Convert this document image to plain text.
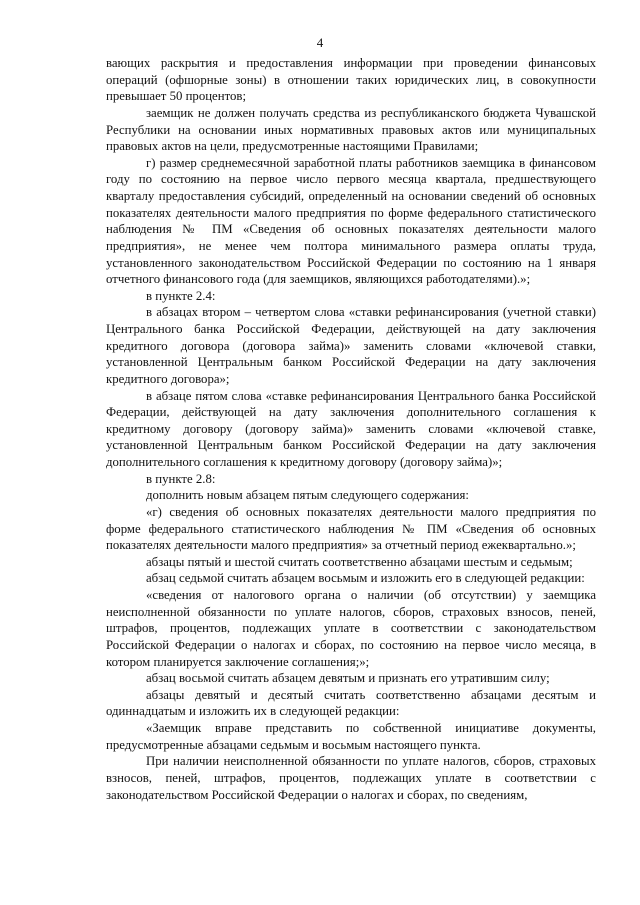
4

вающих раскрытия и предоставления информации при проведении финансовых операций (офшорные зоны) в отношении таких юридических лиц, в совокупности превышает 50 процентов;

заемщик не должен получать средства из республиканского бюджета Чувашской Республики на основании иных нормативных правовых актов или муниципальных правовых актов на цели, предусмотренные настоящими Правилами;

г) размер среднемесячной заработной платы работников заемщика в финансовом году по состоянию на первое число первого месяца квартала, предшествующего кварталу предоставления субсидий, определенный на основании сведений об основных показателях деятельности малого предприятия по форме федерального статистического наблюдения № ПМ «Сведения об основных показателях деятельности малого предприятия», не менее чем полтора минимального размера оплаты труда, установленного законодательством Российской Федерации по состоянию на 1 января отчетного финансового года (для заемщиков, являющихся работодателями).»;

в пункте 2.4:

в абзацах втором – четвертом слова «ставки рефинансирования (учетной ставки) Центрального банка Российской Федерации, действующей на дату заключения кредитного договора (договора займа)» заменить словами «ключевой ставки, установленной Центральным банком Российской Федерации на дату заключения кредитного договора»;

в абзаце пятом слова «ставке рефинансирования Центрального банка Российской Федерации, действующей на дату заключения дополнительного соглашения к кредитному договору (договору займа)» заменить словами «ключевой ставке, установленной Центральным банком Российской Федерации на дату заключения дополнительного соглашения к кредитному договору (договору займа)»;

в пункте 2.8:

дополнить новым абзацем пятым следующего содержания:

«г) сведения об основных показателях деятельности малого предприятия по форме федерального статистического наблюдения № ПМ «Сведения об основных показателях деятельности малого предприятия» за отчетный период ежеквартально.»;

абзацы пятый и шестой считать соответственно абзацами шестым и седьмым;

абзац седьмой считать абзацем восьмым и изложить его в следующей редакции:

«сведения от налогового органа о наличии (об отсутствии) у заемщика неисполненной обязанности по уплате налогов, сборов, страховых взносов, пеней, штрафов, процентов, подлежащих уплате в соответствии с законодательством Российской Федерации о налогах и сборах, по состоянию на первое число месяца, в котором планируется заключение соглашения;»;

абзац восьмой считать абзацем девятым и признать его утратившим силу;

абзацы девятый и десятый считать соответственно абзацами десятым и одиннадцатым и изложить их в следующей редакции:

«Заемщик вправе представить по собственной инициативе документы, предусмотренные абзацами седьмым и восьмым настоящего пункта.

При наличии неисполненной обязанности по уплате налогов, сборов, страховых взносов, пеней, штрафов, процентов, подлежащих уплате в соответствии с законодательством Российской Федерации о налогах и сборах, по сведениям,
